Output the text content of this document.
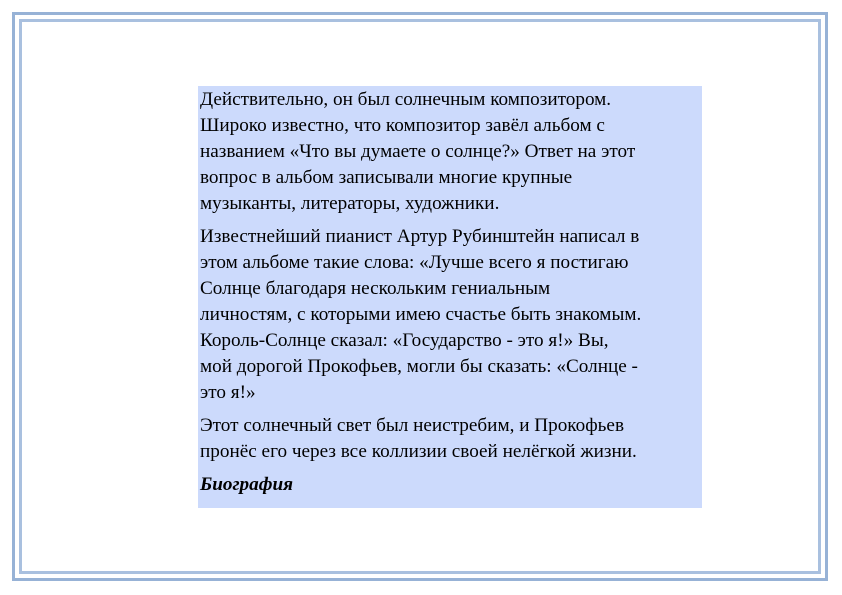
Действительно, он был солнечным композитором.
Широко известно, что композитор завёл альбом с
названием «Что вы думаете о солнце?» Ответ на этот
вопрос в альбом записывали многие крупные
музыканты, литераторы, художники.

Известнейший пианист Артур Рубинштейн написал в
этом альбоме такие слова: «Лучше всего я постигаю
Солнце благодаря нескольким гениальным
личностям, с которыми имею счастье быть знакомым.
Король-Солнце сказал: «Государство - это я!» Вы,
мой дорогой Прокофьев, могли бы сказать: «Солнце -
это я!»

Этот солнечный свет был неистребим, и Прокофьев
пронёс его через все коллизии своей нелёгкой жизни.

Биография
